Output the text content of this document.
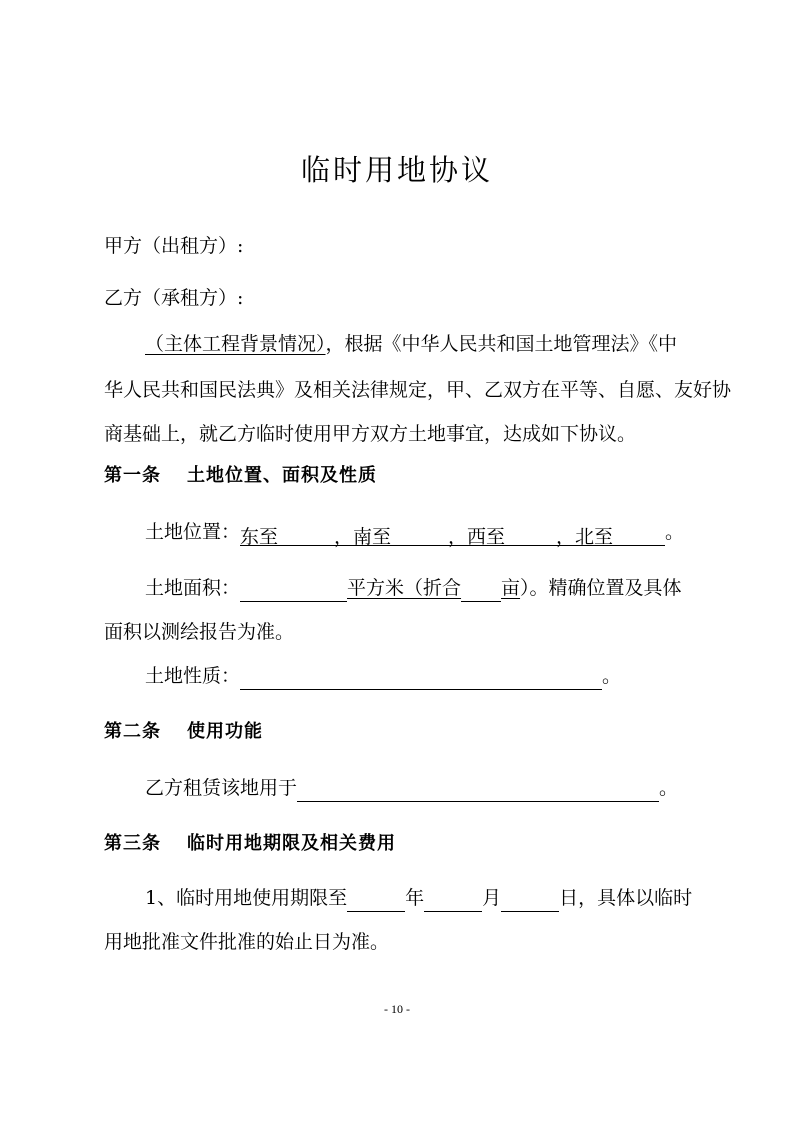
临时用地协议
甲方（出租方）:
乙方（承租方）:
（主体工程背景情况），根据《中华人民共和国土地管理法》《中
华人民共和国民法典》及相关法律规定，甲、乙双方在平等、自愿、友好协
商基础上，就乙方临时使用甲方双方土地事宜，达成如下协议。
第一条 土地位置、面积及性质
土地位置： 东至	，南至	，西至	，北至	。
土地面积：	平方米（折合 亩）。精确位置及具体
面积以测绘报告为准。
土地性质：	。
第二条 使用功能
乙方租赁该地用于	。
第三条 临时用地期限及相关费用
1、临时用地使用期限至	年	月	日，具体以临时
用地批准文件批准的始止日为准。
- 10 -
